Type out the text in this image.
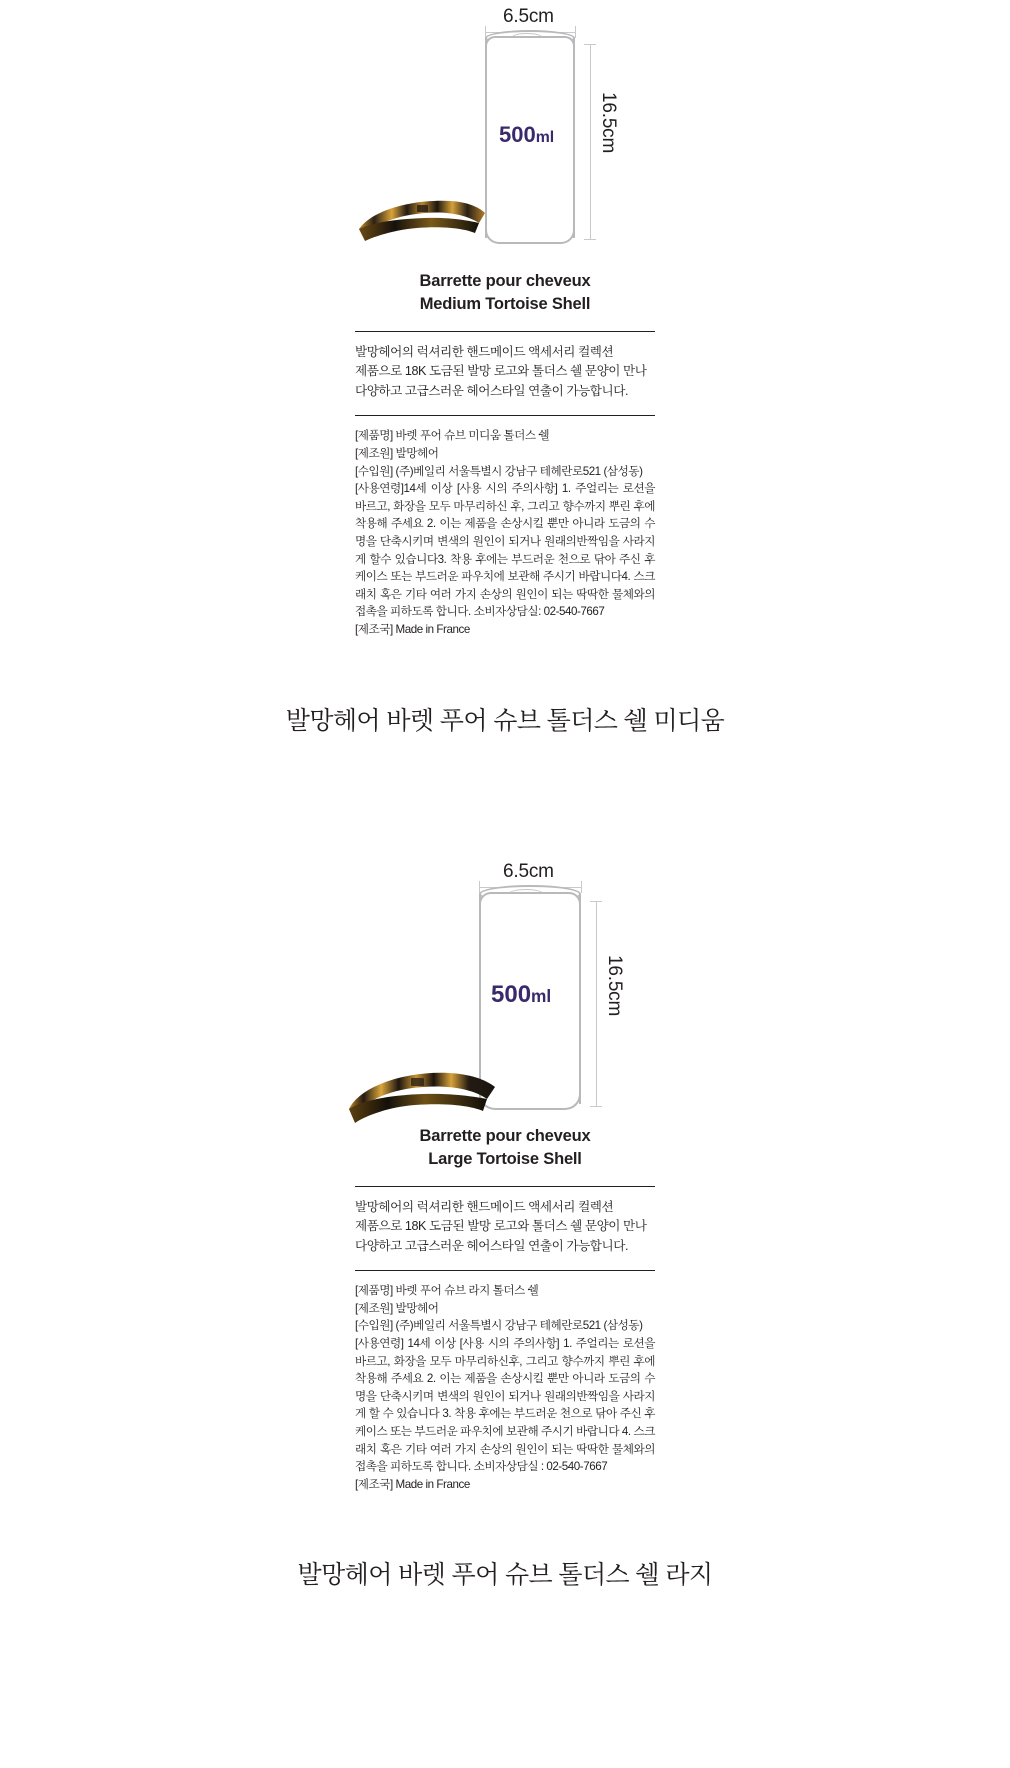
6.5cm
500ml 16.5cm
Barrette pour cheveux
Medium Tortoise Shell
발망헤어의 럭셔리한 핸드메이드 액세서리 컬렉션 제품으로 18K 도금된 발망 로고와 톨더스 쉘 문양이 만나 다양하고 고급스러운 헤어스타일 연출이 가능합니다.
[제품명] 바렛 푸어 슈브 미디움 톨더스 쉘
[제조원] 발망헤어
[수입원] (주)베일리 서울특별시 강남구 테헤란로521 (삼성동)
[사용연령]14세 이상 [사용 시의 주의사항] 1. 주얼리는 로션을 바르고, 화장을 모두 마무리하신 후, 그리고 향수까지 뿌린 후에 착용해 주세요 2. 이는 제품을 손상시킬 뿐만 아니라 도금의 수명을 단축시키며 변색의 원인이 되거나 원래의반짝임을 사라지게 할수 있습니다3. 착용 후에는 부드러운 천으로 닦아 주신 후 케이스 또는 부드러운 파우치에 보관해 주시기 바랍니다4. 스크래치 혹은 기타 여러 가지 손상의 원인이 되는 딱딱한 물체와의 접촉을 피하도록 합니다. 소비자상담실: 02-540-7667
[제조국] Made in France
발망헤어 바렛 푸어 슈브 톨더스 쉘 미디움
6.5cm
500ml	16.5cm
Barrette pour cheveux
Large Tortoise Shell
발망헤어의 럭셔리한 핸드메이드 액세서리 컬렉션 제품으로 18K 도금된 발망 로고와 톨더스 쉘 문양이 만나 다양하고 고급스러운 헤어스타일 연출이 가능합니다.
[제품명] 바렛 푸어 슈브 라지 톨더스 쉘
[제조원] 발망헤어
[수입원] (주)베일리 서울특별시 강남구 테헤란로521 (삼성동)
[사용연령] 14세 이상 [사용 시의 주의사항] 1. 주얼리는 로션을 바르고, 화장을 모두 마무리하신후, 그리고 향수까지 뿌린 후에 착용해 주세요 2. 이는 제품을 손상시킬 뿐만 아니라 도금의 수명을 단축시키며 변색의 원인이 되거나 원래의반짝임을 사라지게 할 수 있습니다 3. 착용 후에는 부드러운 천으로 닦아 주신 후 케이스 또는 부드러운 파우치에 보관해 주시기 바랍니다 4. 스크래치 혹은 기타 여러 가지 손상의 원인이 되는 딱딱한 물체와의 접촉을 피하도록 합니다. 소비자상담실 : 02-540-7667
[제조국] Made in France
발망헤어 바렛 푸어 슈브 톨더스 쉘 라지
